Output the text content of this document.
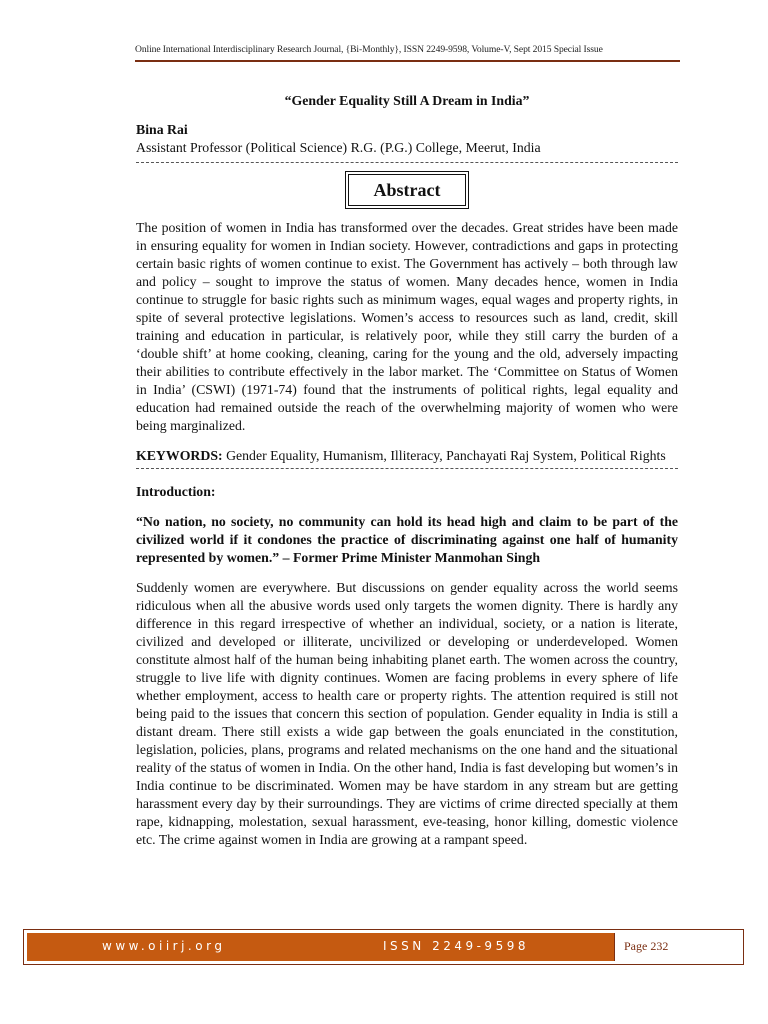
Online International Interdisciplinary Research Journal, {Bi-Monthly}, ISSN 2249-9598, Volume-V, Sept 2015 Special Issue
“Gender Equality Still A Dream in India”

Bina Rai

Assistant Professor (Political Science) R.G. (P.G.) College, Meerut, India

Abstract

The position of women in India has transformed over the decades. Great strides have been made in ensuring equality for women in Indian society. However, contradictions and gaps in protecting certain basic rights of women continue to exist. The Government has actively – both through law and policy – sought to improve the status of women. Many decades hence, women in India continue to struggle for basic rights such as minimum wages, equal wages and property rights, in spite of several protective legislations. Women’s access to resources such as land, credit, skill training and education in particular, is relatively poor, while they still carry the burden of a ‘double shift’ at home cooking, cleaning, caring for the young and the old, adversely impacting their abilities to contribute effectively in the labor market. The ‘Committee on Status of Women in India’ (CSWI) (1971-74) found that the instruments of political rights, legal equality and education had remained outside the reach of the overwhelming majority of women who were being marginalized.

KEYWORDS: Gender Equality, Humanism, Illiteracy, Panchayati Raj System, Political Rights

Introduction:

“No nation, no society, no community can hold its head high and claim to be part of the civilized world if it condones the practice of discriminating against one half of humanity represented by women.” – Former Prime Minister Manmohan Singh

Suddenly women are everywhere. But discussions on gender equality across the world seems ridiculous when all the abusive words used only targets the women dignity. There is hardly any difference in this regard irrespective of whether an individual, society, or a nation is literate, civilized and developed or illiterate, uncivilized or developing or underdeveloped. Women constitute almost half of the human being inhabiting planet earth. The women across the country, struggle to live life with dignity continues. Women are facing problems in every sphere of life whether employment, access to health care or property rights. The attention required is still not being paid to the issues that concern this section of population. Gender equality in India is still a distant dream. There still exists a wide gap between the goals enunciated in the constitution, legislation, policies, plans, programs and related mechanisms on the one hand and the situational reality of the status of women in India. On the other hand, India is fast developing but women’s in India continue to be discriminated. Women may be have stardom in any stream but are getting harassment every day by their surroundings. They are victims of crime directed specially at them rape, kidnapping, molestation, sexual harassment, eve-teasing, honor killing, domestic violence etc. The crime against women in India are growing at a rampant speed.

www.oiirj.org	ISSN 2249-9598	Page 232
